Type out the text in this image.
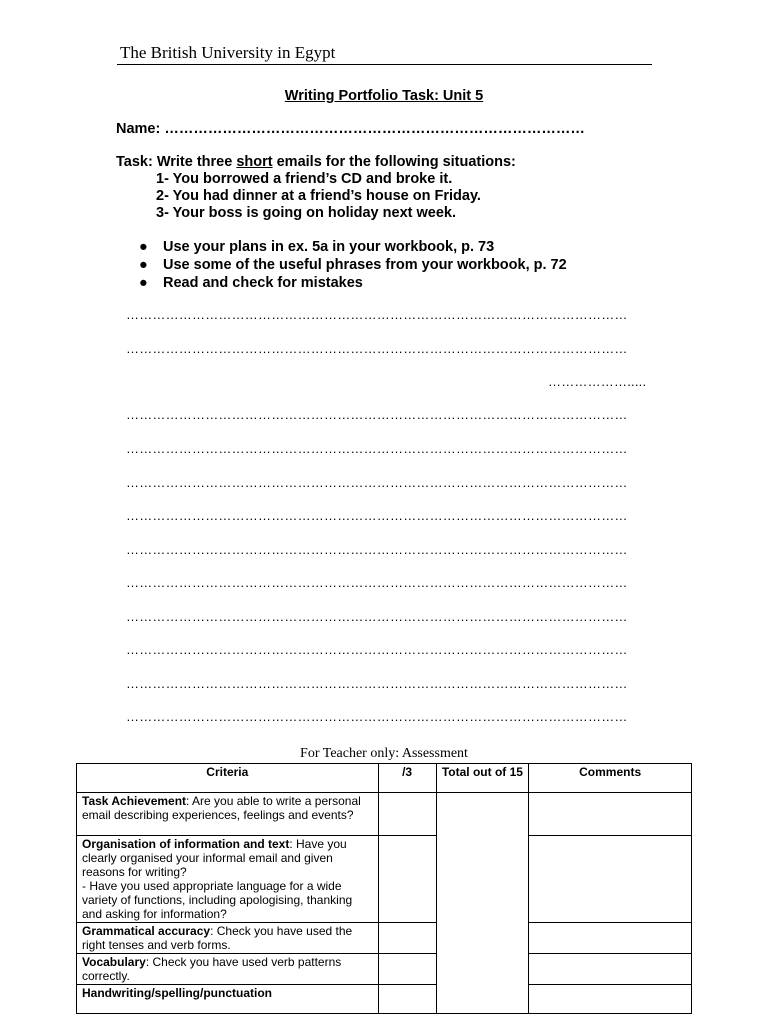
The British University in Egypt
Writing Portfolio Task: Unit 5
Name: ……………………………………………………………………………
Task: Write three short emails for the following situations:
1- You borrowed a friend’s CD and broke it.
2- You had dinner at a friend’s house on Friday.
3- Your boss is going on holiday next week.
● Use your plans in ex. 5a in your workbook, p. 73
● Use some of the useful phrases from your workbook, p. 72
● Read and check for mistakes
……………………………………………………………………………………………………
……………………………………………………………………………………………………
……………….....
……………………………………………………………………………………………………
……………………………………………………………………………………………………
……………………………………………………………………………………………………
……………………………………………………………………………………………………
……………………………………………………………………………………………………
……………………………………………………………………………………………………
……………………………………………………………………………………………………
……………………………………………………………………………………………………
……………………………………………………………………………………………………
……………………………………………………………………………………………………
For Teacher only: Assessment
Criteria	/3	Total out of 15	Comments
Task Achievement: Are you able to write a personal email describing experiences, feelings and events?			
Organisation of information and text: Have you clearly organised your informal email and given reasons for writing?
- Have you used appropriate language for a wide variety of functions, including apologising, thanking and asking for information?			
Grammatical accuracy: Check you have used the right tenses and verb forms.			
Vocabulary: Check you have used verb patterns correctly.			
Handwriting/spelling/punctuation			
